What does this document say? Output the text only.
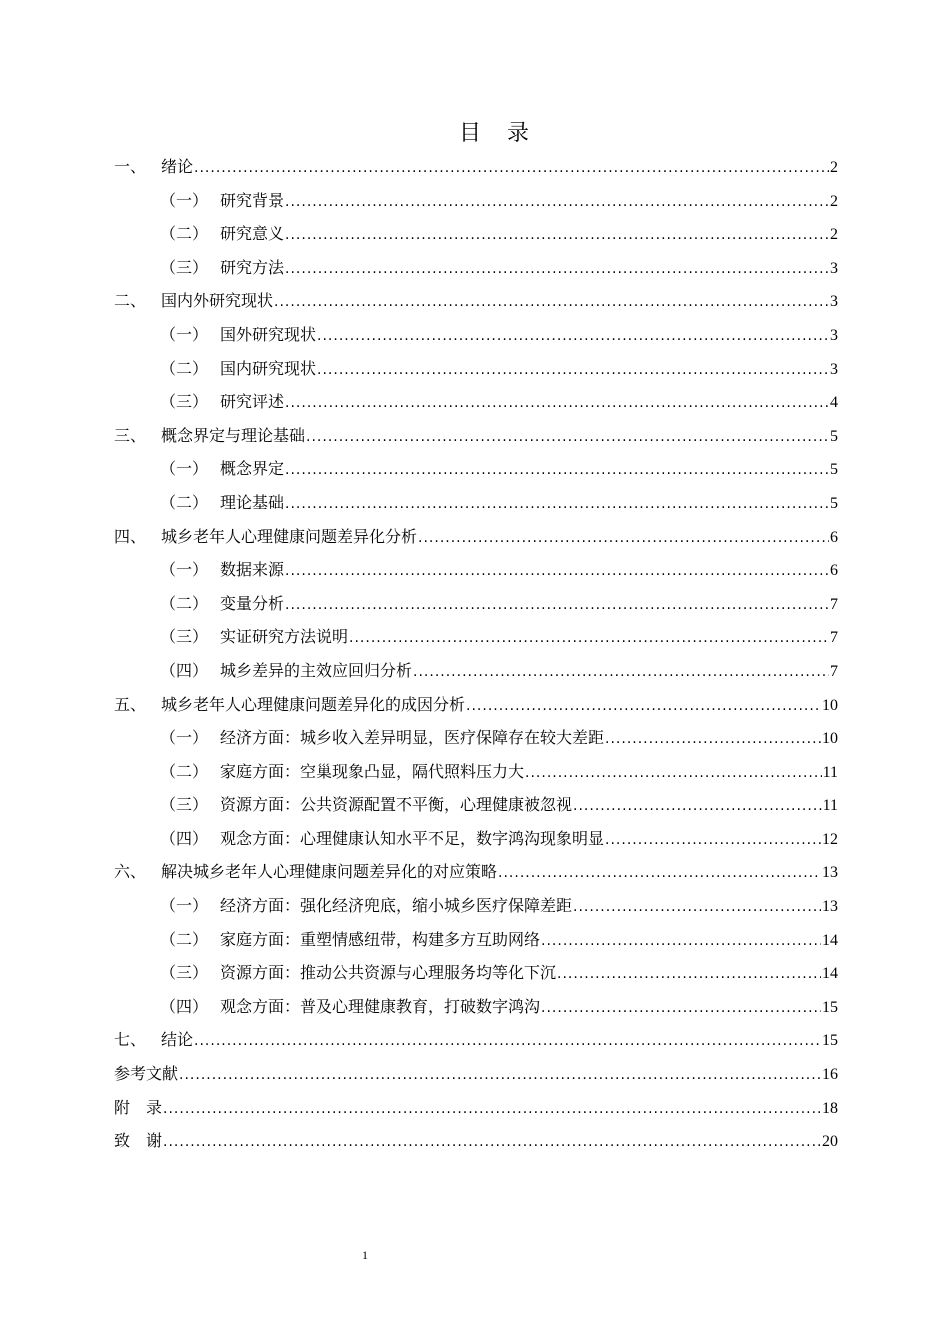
目　录
一、 绪论 .....	2
（一） 研究背景 .....	2
（二） 研究意义 .....	2
（三） 研究方法 .....	3
二、 国内外研究现状 .....	3
（一） 国外研究现状 .....	3
（二） 国内研究现状 .....	3
（三） 研究评述 .....	4
三、 概念界定与理论基础 .....	5
（一） 概念界定 .....	5
（二） 理论基础 .....	5
四、 城乡老年人心理健康问题差异化分析 .....	6
（一） 数据来源 .....	6
（二） 变量分析 .....	7
（三） 实证研究方法说明 .....	7
（四） 城乡差异的主效应回归分析 .....	7
五、 城乡老年人心理健康问题差异化的成因分析 .....	10
（一） 经济方面：城乡收入差异明显，医疗保障存在较大差距 .....	10
（二） 家庭方面：空巢现象凸显，隔代照料压力大 .....	11
（三） 资源方面：公共资源配置不平衡，心理健康被忽视 .....	11
（四） 观念方面：心理健康认知水平不足，数字鸿沟现象明显 .....	12
六、 解决城乡老年人心理健康问题差异化的对应策略 .....	13
（一） 经济方面：强化经济兜底，缩小城乡医疗保障差距 .....	13
（二） 家庭方面：重塑情感纽带，构建多方互助网络 .....	14
（三） 资源方面：推动公共资源与心理服务均等化下沉 .....	14
（四） 观念方面：普及心理健康教育，打破数字鸿沟 .....	15
七、 结论 .....	15
参考文献 .....	16
附　录 .....	18
致　谢 .....	20
1
